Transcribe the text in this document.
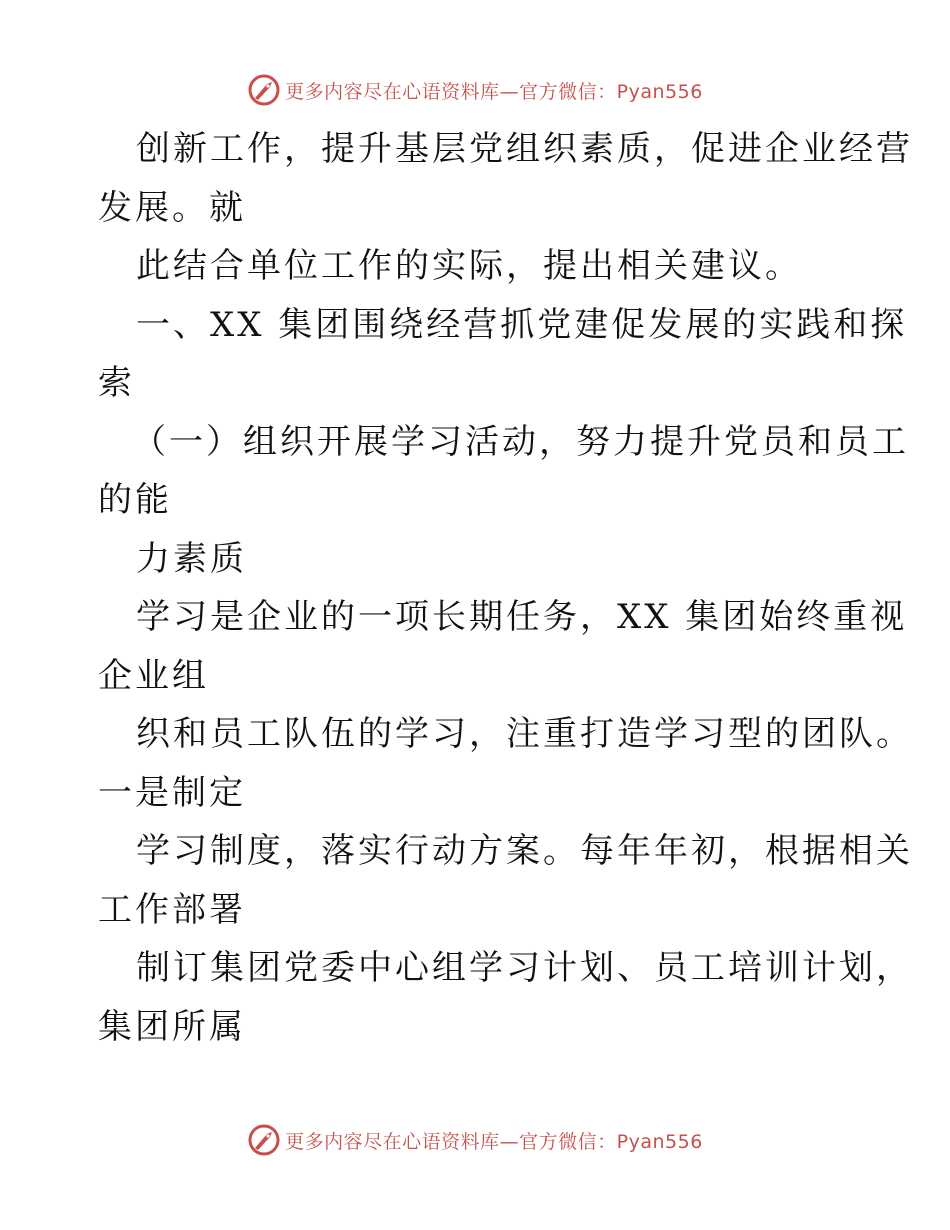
更多内容尽在心语资料库—官方微信：Pyan556
创新工作，提升基层党组织素质，促进企业经营
发展。就
此结合单位工作的实际，提出相关建议。
一、XX 集团围绕经营抓党建促发展的实践和探
索
（一）组织开展学习活动，努力提升党员和员工
的能
力素质
学习是企业的一项长期任务，XX 集团始终重视
企业组
织和员工队伍的学习，注重打造学习型的团队。
一是制定
学习制度，落实行动方案。每年年初，根据相关
工作部署
制订集团党委中心组学习计划、员工培训计划，
集团所属
更多内容尽在心语资料库—官方微信：Pyan556
